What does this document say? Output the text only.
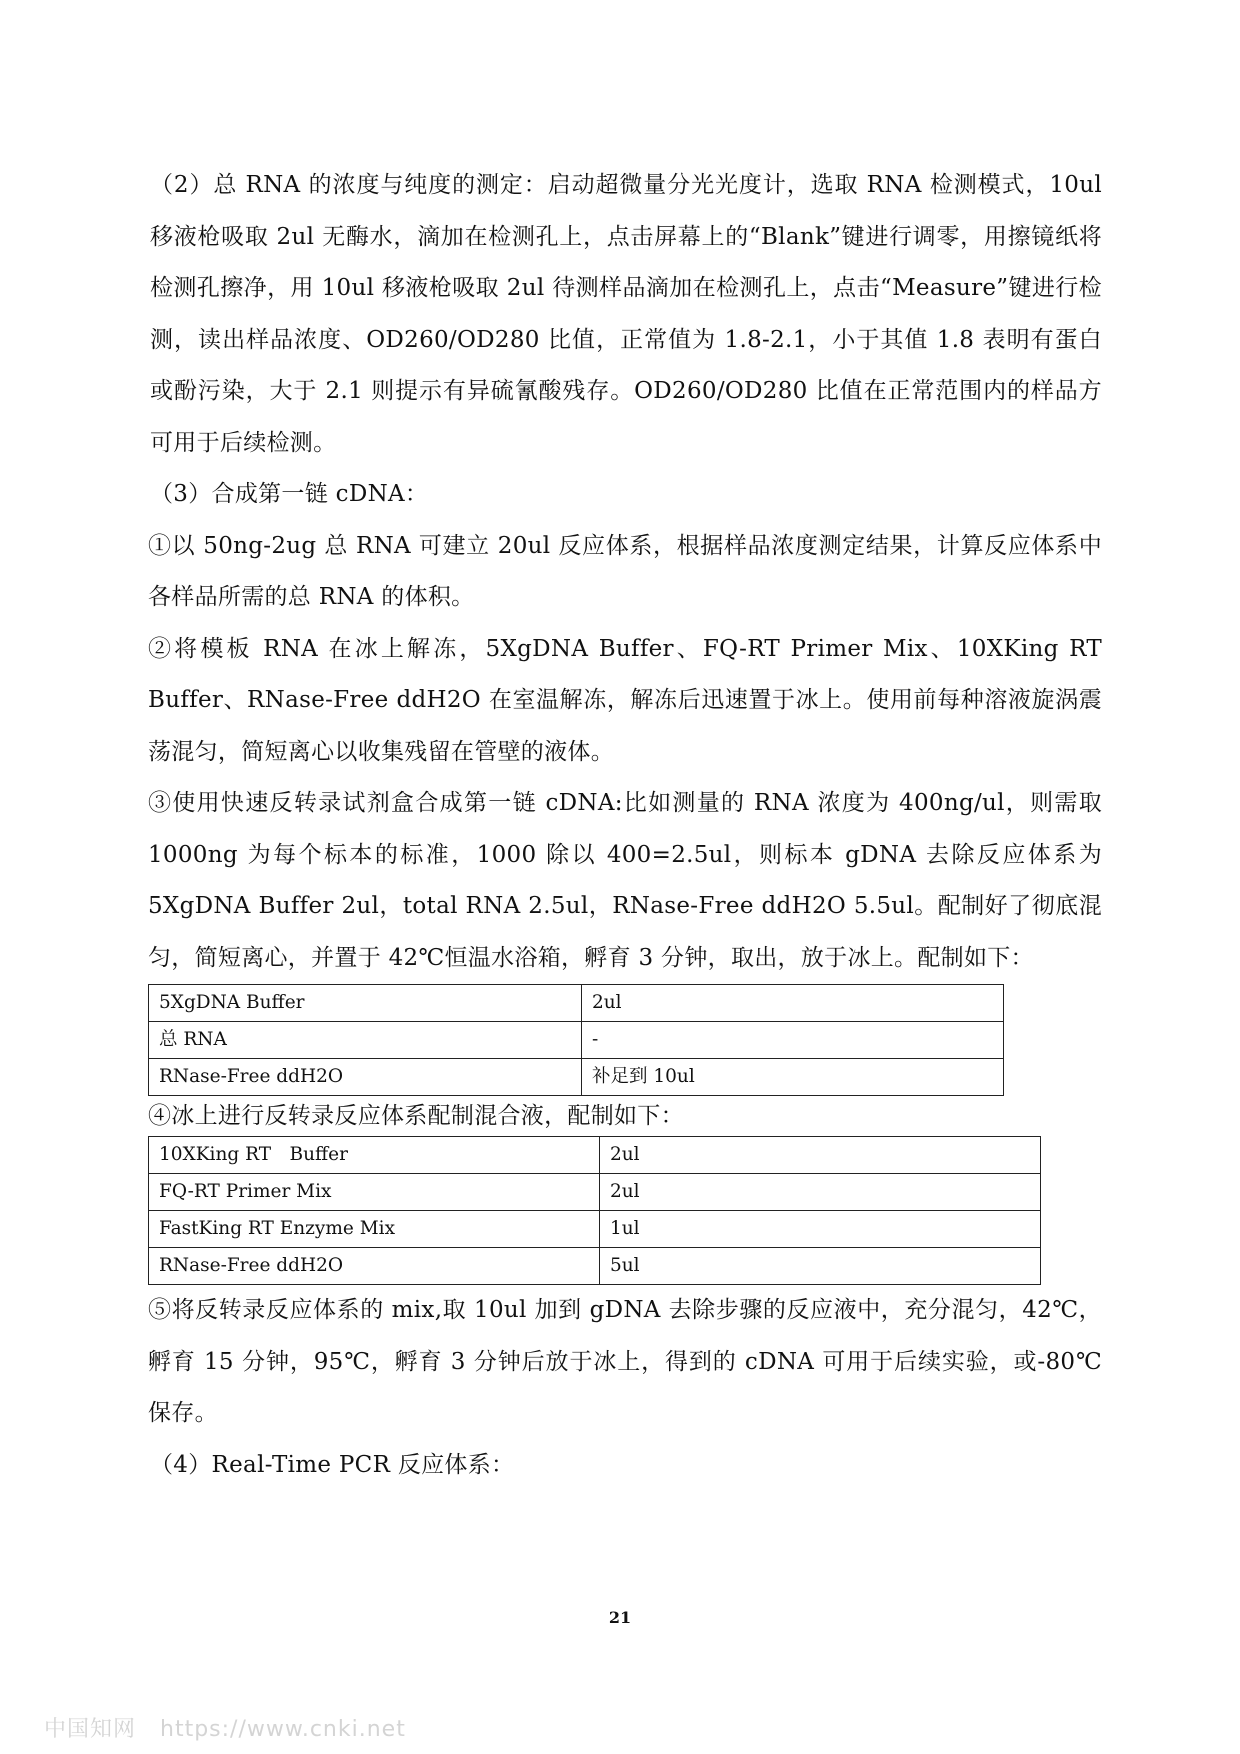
（2）总 RNA 的浓度与纯度的测定：启动超微量分光光度计，选取 RNA 检测模式，10ul 移液枪吸取 2ul 无酶水，滴加在检测孔上，点击屏幕上的“Blank”键进行调零，用擦镜纸将检测孔擦净，用 10ul 移液枪吸取 2ul 待测样品滴加在检测孔上，点击“Measure”键进行检测，读出样品浓度、OD260/OD280 比值，正常值为 1.8-2.1，小于其值 1.8 表明有蛋白或酚污染，大于 2.1 则提示有异硫氰酸残存。OD260/OD280 比值在正常范围内的样品方可用于后续检测。

（3）合成第一链 cDNA：

①以 50ng-2ug 总 RNA 可建立 20ul 反应体系，根据样品浓度测定结果，计算反应体系中各样品所需的总 RNA 的体积。

②将模板 RNA 在冰上解冻，5XgDNA Buffer、FQ-RT Primer Mix、10XKing RT　Buffer、RNase-Free ddH2O 在室温解冻，解冻后迅速置于冰上。使用前每种溶液旋涡震荡混匀，简短离心以收集残留在管壁的液体。

③使用快速反转录试剂盒合成第一链 cDNA:比如测量的 RNA 浓度为 400ng/ul，则需取 1000ng 为每个标本的标准，1000 除以 400=2.5ul，则标本 gDNA 去除反应体系为 5XgDNA Buffer 2ul，total RNA 2.5ul，RNase-Free ddH2O 5.5ul。配制好了彻底混匀，简短离心，并置于 42℃恒温水浴箱，孵育 3 分钟，取出，放于冰上。配制如下：

5XgDNA Buffer	2ul
总 RNA	-
RNase-Free ddH2O	补足到 10ul

④冰上进行反转录反应体系配制混合液，配制如下：

10XKing RT　Buffer	2ul
FQ-RT Primer Mix	2ul
FastKing RT Enzyme Mix	1ul
RNase-Free ddH2O	5ul

⑤将反转录反应体系的 mix,取 10ul 加到 gDNA 去除步骤的反应液中，充分混匀，42℃，孵育 15 分钟，95℃，孵育 3 分钟后放于冰上，得到的 cDNA 可用于后续实验，或-80℃保存。

（4）Real-Time PCR 反应体系：

21
中国知网 https://www.cnki.net
